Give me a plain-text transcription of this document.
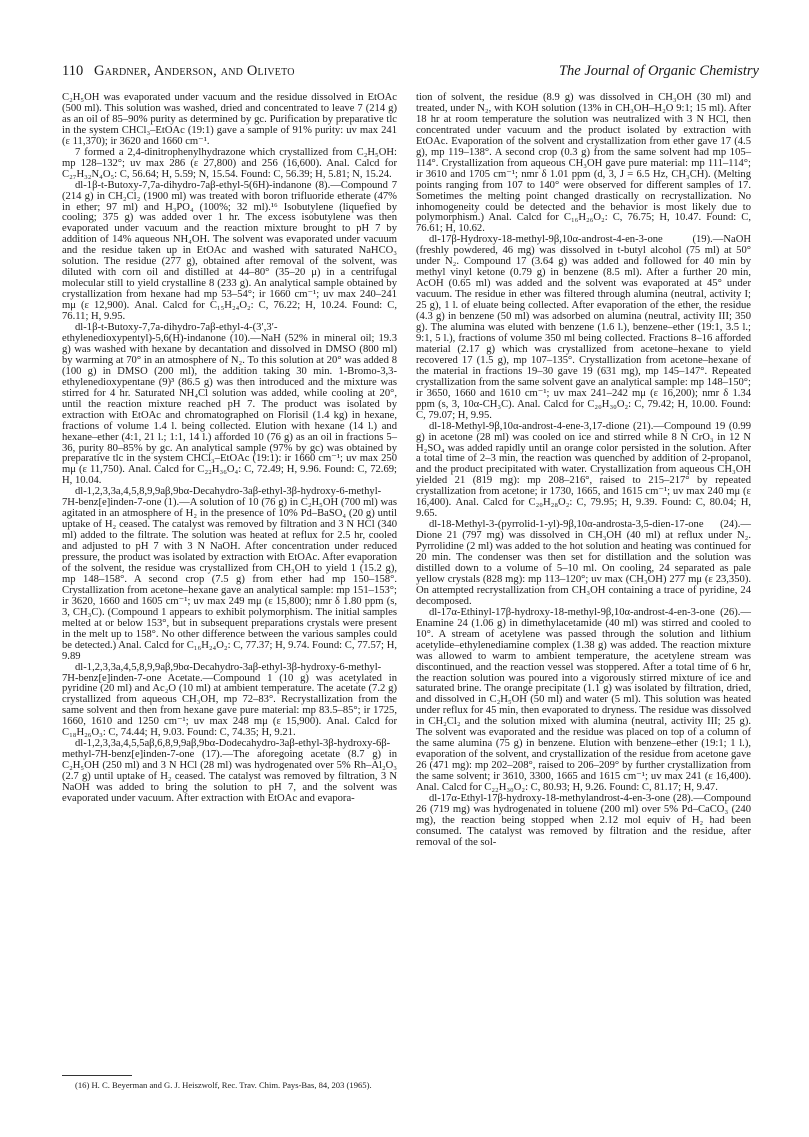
110 Gardner, Anderson, and Oliveto	The Journal of Organic Chemistry

C₂H₅OH was evaporated under vacuum and the residue dissolved in EtOAc (500 ml). This solution was washed, dried and concentrated to leave 7 (214 g) as an oil of 85–90% purity as determined by gc. Purification by preparative tlc in the system CHCl₃–EtOAc (19:1) gave a sample of 91% purity: uv max 241 (ε 11,370); ir 3620 and 1660 cm⁻¹.

7 formed a 2,4-dinitrophenylhydrazone which crystallized from C₂H₅OH: mp 128–132°; uv max 286 (ε 27,800) and 256 (16,600). Anal. Calcd for C₂₇H₃₂N₄O₅: C, 56.64; H, 5.59; N, 15.54. Found: C, 56.39; H, 5.81; N, 15.24.

dl-1β-t-Butoxy-7,7a-dihydro-7aβ-ethyl-5(6H)-indanone (8).—Compound 7 (214 g) in CH₂Cl₂ (1900 ml) was treated with boron trifluoride etherate (47% in ether; 97 ml) and H₃PO₄ (100%; 32 ml).¹⁶ Isobutylene (liquefied by cooling; 375 g) was added over 1 hr. The excess isobutylene was then evaporated under vacuum and the reaction mixture brought to pH 7 by addition of 14% aqueous NH₄OH. The solvent was evaporated under vacuum and the residue taken up in EtOAc and washed with saturated NaHCO₃ solution. The residue (277 g), obtained after removal of the solvent, was diluted with corn oil and distilled at 44–80° (35–20 μ) in a centrifugal molecular still to yield crystalline 8 (233 g). An analytical sample obtained by crystallization from hexane had mp 53–54°; ir 1660 cm⁻¹; uv max 240–241 mμ (ε 12,900). Anal. Calcd for C₁₅H₂₄O₂: C, 76.22; H, 10.24. Found: C, 76.11; H, 9.95.

dl-1β-t-Butoxy-7,7a-dihydro-7aβ-ethyl-4-(3′,3′-ethylenedioxypentyl)-5,6(H)-indanone (10).—NaH (52% in mineral oil; 19.3 g) was washed with hexane by decantation and dissolved in DMSO (800 ml) by warming at 70° in an atmosphere of N₂. To this solution at 20° was added 8 (100 g) in DMSO (200 ml), the addition taking 30 min. 1-Bromo-3,3-ethylenedioxypentane (9)³ (86.5 g) was then introduced and the mixture was stirred for 4 hr. Saturated NH₄Cl solution was added, while cooling at 20°, until the reaction mixture reached pH 7. The product was isolated by extraction with EtOAc and chromatographed on Florisil (1.4 kg) in hexane, fractions of volume 1.4 l. being collected. Elution with hexane (14 l.) and hexane–ether (4:1, 21 l.; 1:1, 14 l.) afforded 10 (76 g) as an oil in fractions 5–36, purity 80–85% by gc. An analytical sample (97% by gc) was obtained by preparative tlc in the system CHCl₃–EtOAc (19:1): ir 1660 cm⁻¹; uv max 250 mμ (ε 11,750). Anal. Calcd for C₂₂H₃₆O₄: C, 72.49; H, 9.96. Found: C, 72.69; H, 10.04.

dl-1,2,3,3a,4,5,8,9,9aβ,9bα-Decahydro-3aβ-ethyl-3β-hydroxy-6-methyl-7H-benz[e]inden-7-one (1).—A solution of 10 (76 g) in C₂H₅OH (700 ml) was agitated in an atmosphere of H₂ in the presence of 10% Pd–BaSO₄ (20 g) until uptake of H₂ ceased. The catalyst was removed by filtration and 3 N HCl (340 ml) added to the filtrate. The solution was heated at reflux for 2.5 hr, cooled and adjusted to pH 7 with 3 N NaOH. After concentration under reduced pressure, the product was isolated by extraction with EtOAc. After evaporation of the solvent, the residue was crystallized from CH₃OH to yield 1 (15.2 g), mp 148–158°. A second crop (7.5 g) from ether had mp 150–158°. Crystallization from acetone–hexane gave an analytical sample: mp 151–153°; ir 3620, 1660 and 1605 cm⁻¹; uv max 249 mμ (ε 15,800); nmr δ 1.80 ppm (s, 3, CH₃C). (Compound 1 appears to exhibit polymorphism. The initial samples melted at or below 153°, but in subsequent preparations crystals were present in the melt up to 158°. No other difference between the various samples could be detected.) Anal. Calcd for C₁₆H₂₄O₂: C, 77.37; H, 9.74. Found: C, 77.57; H, 9.89

dl-1,2,3,3a,4,5,8,9,9aβ,9bα-Decahydro-3aβ-ethyl-3β-hydroxy-6-methyl-7H-benz[e]inden-7-one Acetate.—Compound 1 (10 g) was acetylated in pyridine (20 ml) and Ac₂O (10 ml) at ambient temperature. The acetate (7.2 g) crystallized from aqueous CH₃OH, mp 72–83°. Recrystallization from the same solvent and then from hexane gave pure material: mp 83.5–85°; ir 1725, 1660, 1610 and 1250 cm⁻¹; uv max 248 mμ (ε 15,900). Anal. Calcd for C₁₈H₂₆O₃: C, 74.44; H, 9.03. Found: C, 74.35; H, 9.21.

dl-1,2,3,3a,4,5,5aβ,6,8,9,9aβ,9bα-Dodecahydro-3aβ-ethyl-3β-hydroxy-6β-methyl-7H-benz[e]inden-7-one (17).—The aforegoing acetate (8.7 g) in C₂H₅OH (250 ml) and 3 N HCl (28 ml) was hydrogenated over 5% Rh–Al₂O₃ (2.7 g) until uptake of H₂ ceased. The catalyst was removed by filtration, 3 N NaOH was added to bring the solution to pH 7, and the solvent was evaporated under vacuum. After extraction with EtOAc and evapora-

tion of solvent, the residue (8.9 g) was dissolved in CH₃OH (30 ml) and treated, under N₂, with KOH solution (13% in CH₃OH–H₂O 9:1; 15 ml). After 18 hr at room temperature the solution was neutralized with 3 N HCl, then concentrated under vacuum and the product isolated by extraction with EtOAc. Evaporation of the solvent and crystallization from ether gave 17 (4.5 g), mp 119–138°. A second crop (0.3 g) from the same solvent had mp 105–114°. Crystallization from aqueous CH₃OH gave pure material: mp 111–114°; ir 3610 and 1705 cm⁻¹; nmr δ 1.01 ppm (d, 3, J = 6.5 Hz, CH₃CH). (Melting points ranging from 107 to 140° were observed for different samples of 17. Sometimes the melting point changed drastically on recrystallization. No inhomogeneity could be detected and the behavior is most likely due to polymorphism.) Anal. Calcd for C₁₆H₂₆O₂: C, 76.75; H, 10.47. Found: C, 76.61; H, 10.62.

dl-17β-Hydroxy-18-methyl-9β,10α-androst-4-en-3-one (19).—NaOH (freshly powdered, 46 mg) was dissolved in t-butyl alcohol (75 ml) at 50° under N₂. Compound 17 (3.64 g) was added and followed for 40 min by methyl vinyl ketone (0.79 g) in benzene (8.5 ml). After a further 20 min, AcOH (0.65 ml) was added and the solvent was evaporated at 45° under vacuum. The residue in ether was filtered through alumina (neutral, activity I; 25 g), 1 l. of eluate being collected. After evaporation of the ether, the residue (4.3 g) in benzene (50 ml) was adsorbed on alumina (neutral, activity III; 350 g). The alumina was eluted with benzene (1.6 l.), benzene–ether (19:1, 3.5 l.; 9:1, 5 l.), fractions of volume 350 ml being collected. Fractions 8–16 afforded material (2.17 g) which was crystallized from acetone–hexane to yield recovered 17 (1.5 g), mp 107–135°. Crystallization from acetone–hexane of the material in fractions 19–30 gave 19 (631 mg), mp 145–147°. Repeated crystallization from the same solvent gave an analytical sample: mp 148–150°; ir 3650, 1660 and 1610 cm⁻¹; uv max 241–242 mμ (ε 16,200); nmr δ 1.34 ppm (s, 3, 10α-CH₃C). Anal. Calcd for C₂₀H₃₀O₂: C, 79.42; H, 10.00. Found: C, 79.07; H, 9.95.

dl-18-Methyl-9β,10α-androst-4-ene-3,17-dione (21).—Compound 19 (0.99 g) in acetone (28 ml) was cooled on ice and stirred while 8 N CrO₃ in 12 N H₂SO₄ was added rapidly until an orange color persisted in the solution. After a total time of 2–3 min, the reaction was quenched by addition of 2-propanol, and the product precipitated with water. Crystallization from aqueous CH₃OH yielded 21 (819 mg): mp 208–216°, raised to 215–217° by repeated crystallization from acetone; ir 1730, 1665, and 1615 cm⁻¹; uv max 240 mμ (ε 16,400). Anal. Calcd for C₂₀H₂₈O₂: C, 79.95; H, 9.39. Found: C, 80.04; H, 9.65.

dl-18-Methyl-3-(pyrrolid-1-yl)-9β,10α-androsta-3,5-dien-17-one (24).—Dione 21 (797 mg) was dissolved in CH₃OH (40 ml) at reflux under N₂. Pyrrolidine (2 ml) was added to the hot solution and heating was continued for 20 min. The condenser was then set for distillation and the solution was distilled down to a volume of 5–10 ml. On cooling, 24 separated as pale yellow crystals (828 mg): mp 113–120°; uv max (CH₃OH) 277 mμ (ε 23,350). On attempted recrystallization from CH₃OH containing a trace of pyridine, 24 decomposed.

dl-17α-Ethinyl-17β-hydroxy-18-methyl-9β,10α-androst-4-en-3-one (26).—Enamine 24 (1.06 g) in dimethylacetamide (40 ml) was stirred and cooled to 10°. A stream of acetylene was passed through the solution and lithium acetylide–ethylenediamine complex (1.38 g) was added. The reaction mixture was allowed to warm to ambient temperature, the acetylene stream was discontinued, and the reaction vessel was stoppered. After a total time of 6 hr, the reaction solution was poured into a vigorously stirred mixture of ice and saturated brine. The orange precipitate (1.1 g) was isolated by filtration, dried, and dissolved in C₂H₅OH (50 ml) and water (5 ml). This solution was heated under reflux for 45 min, then evaporated to dryness. The residue was dissolved in CH₂Cl₂ and the solution mixed with alumina (neutral, activity III; 25 g). The solvent was evaporated and the residue was placed on top of a column of the same alumina (75 g) in benzene. Elution with benzene–ether (19:1; 1 l.), evaporation of the solvent, and crystallization of the residue from acetone gave 26 (471 mg): mp 202–208°, raised to 206–209° by further crystallization from the same solvent; ir 3610, 3300, 1665 and 1615 cm⁻¹; uv max 241 (ε 16,400). Anal. Calcd for C₂₂H₃₀O₂: C, 80.93; H, 9.26. Found: C, 81.17; H, 9.47.

dl-17α-Ethyl-17β-hydroxy-18-methylandrost-4-en-3-one (28).—Compound 26 (719 mg) was hydrogenated in toluene (200 ml) over 5% Pd–CaCO₃ (240 mg), the reaction being stopped when 2.12 mol equiv of H₂ had been consumed. The catalyst was removed by filtration and the residue, after removal of the sol-

(16) H. C. Beyerman and G. J. Heiszwolf, Rec. Trav. Chim. Pays-Bas, 84, 203 (1965).
